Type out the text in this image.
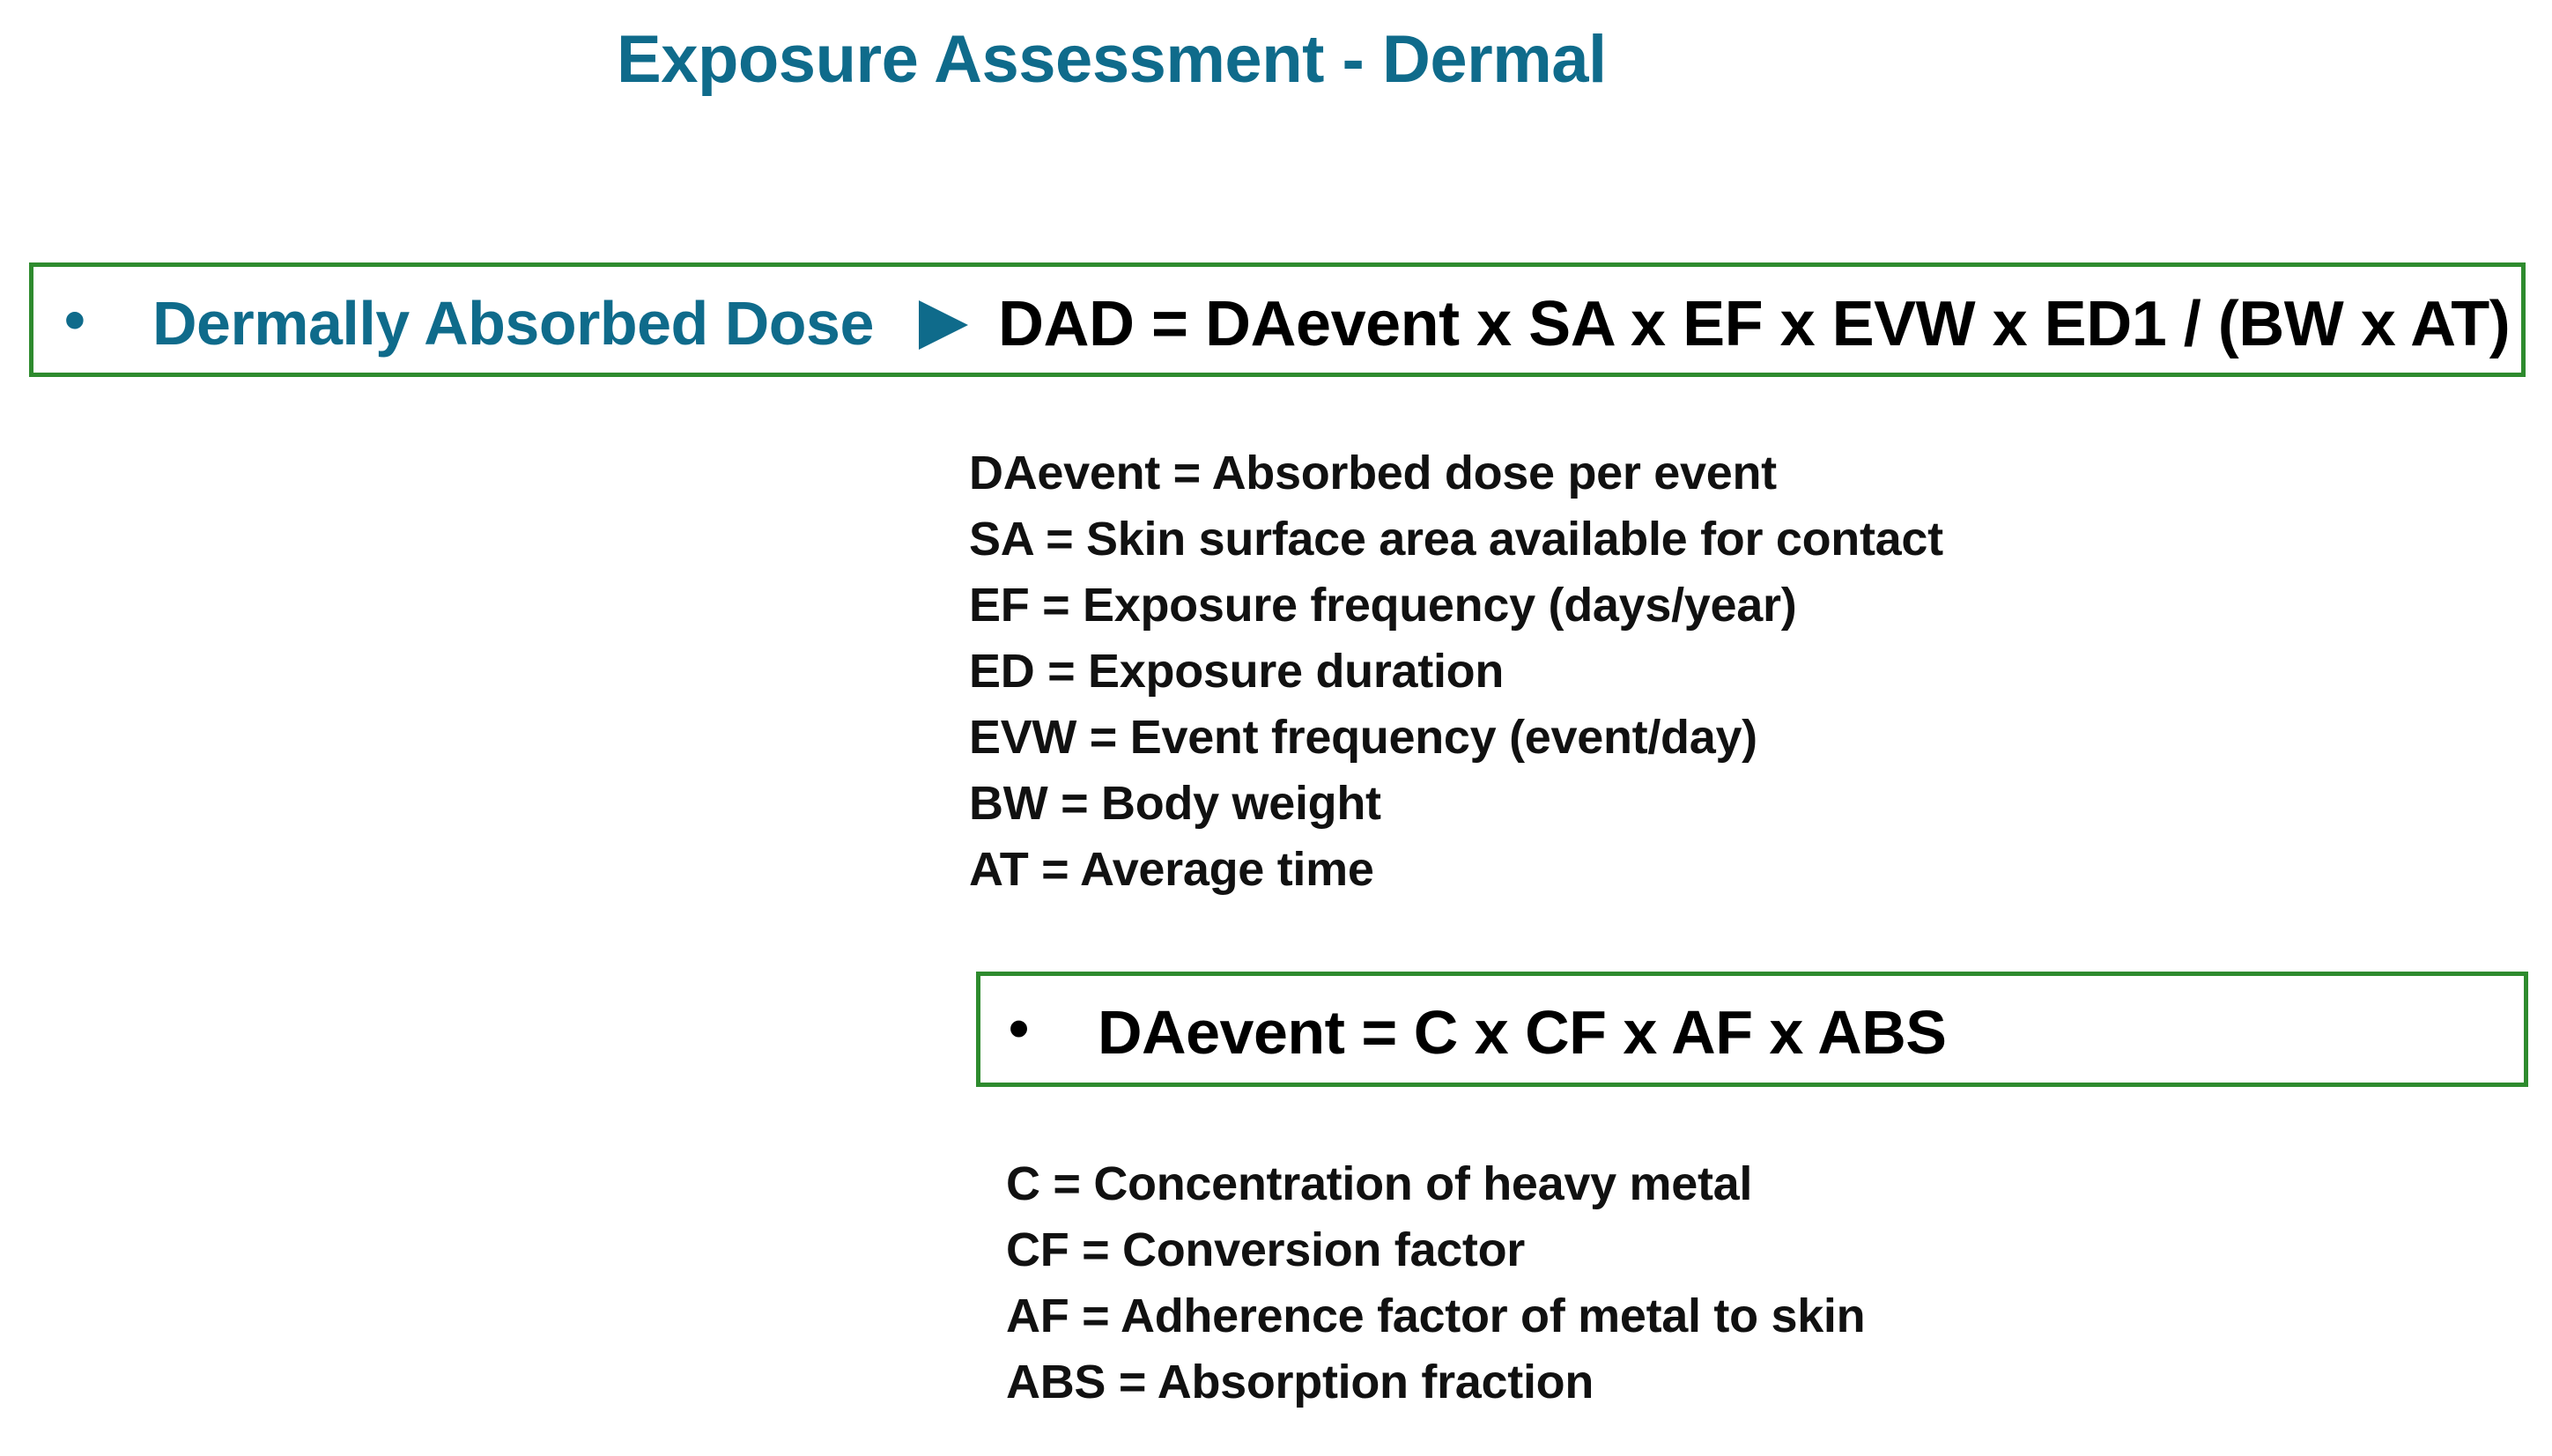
Exposure Assessment - Dermal
• Dermally Absorbed Dose DAD = DAevent x SA x EF x EVW x ED1 / (BW x AT)
DAevent = Absorbed dose per event
SA = Skin surface area available for contact
EF = Exposure frequency (days/year)
ED = Exposure duration
EVW = Event frequency (event/day)
BW = Body weight
AT = Average time
• DAevent = C x CF x AF x ABS
C = Concentration of heavy metal
CF = Conversion factor
AF = Adherence factor of metal to skin
ABS = Absorption fraction
